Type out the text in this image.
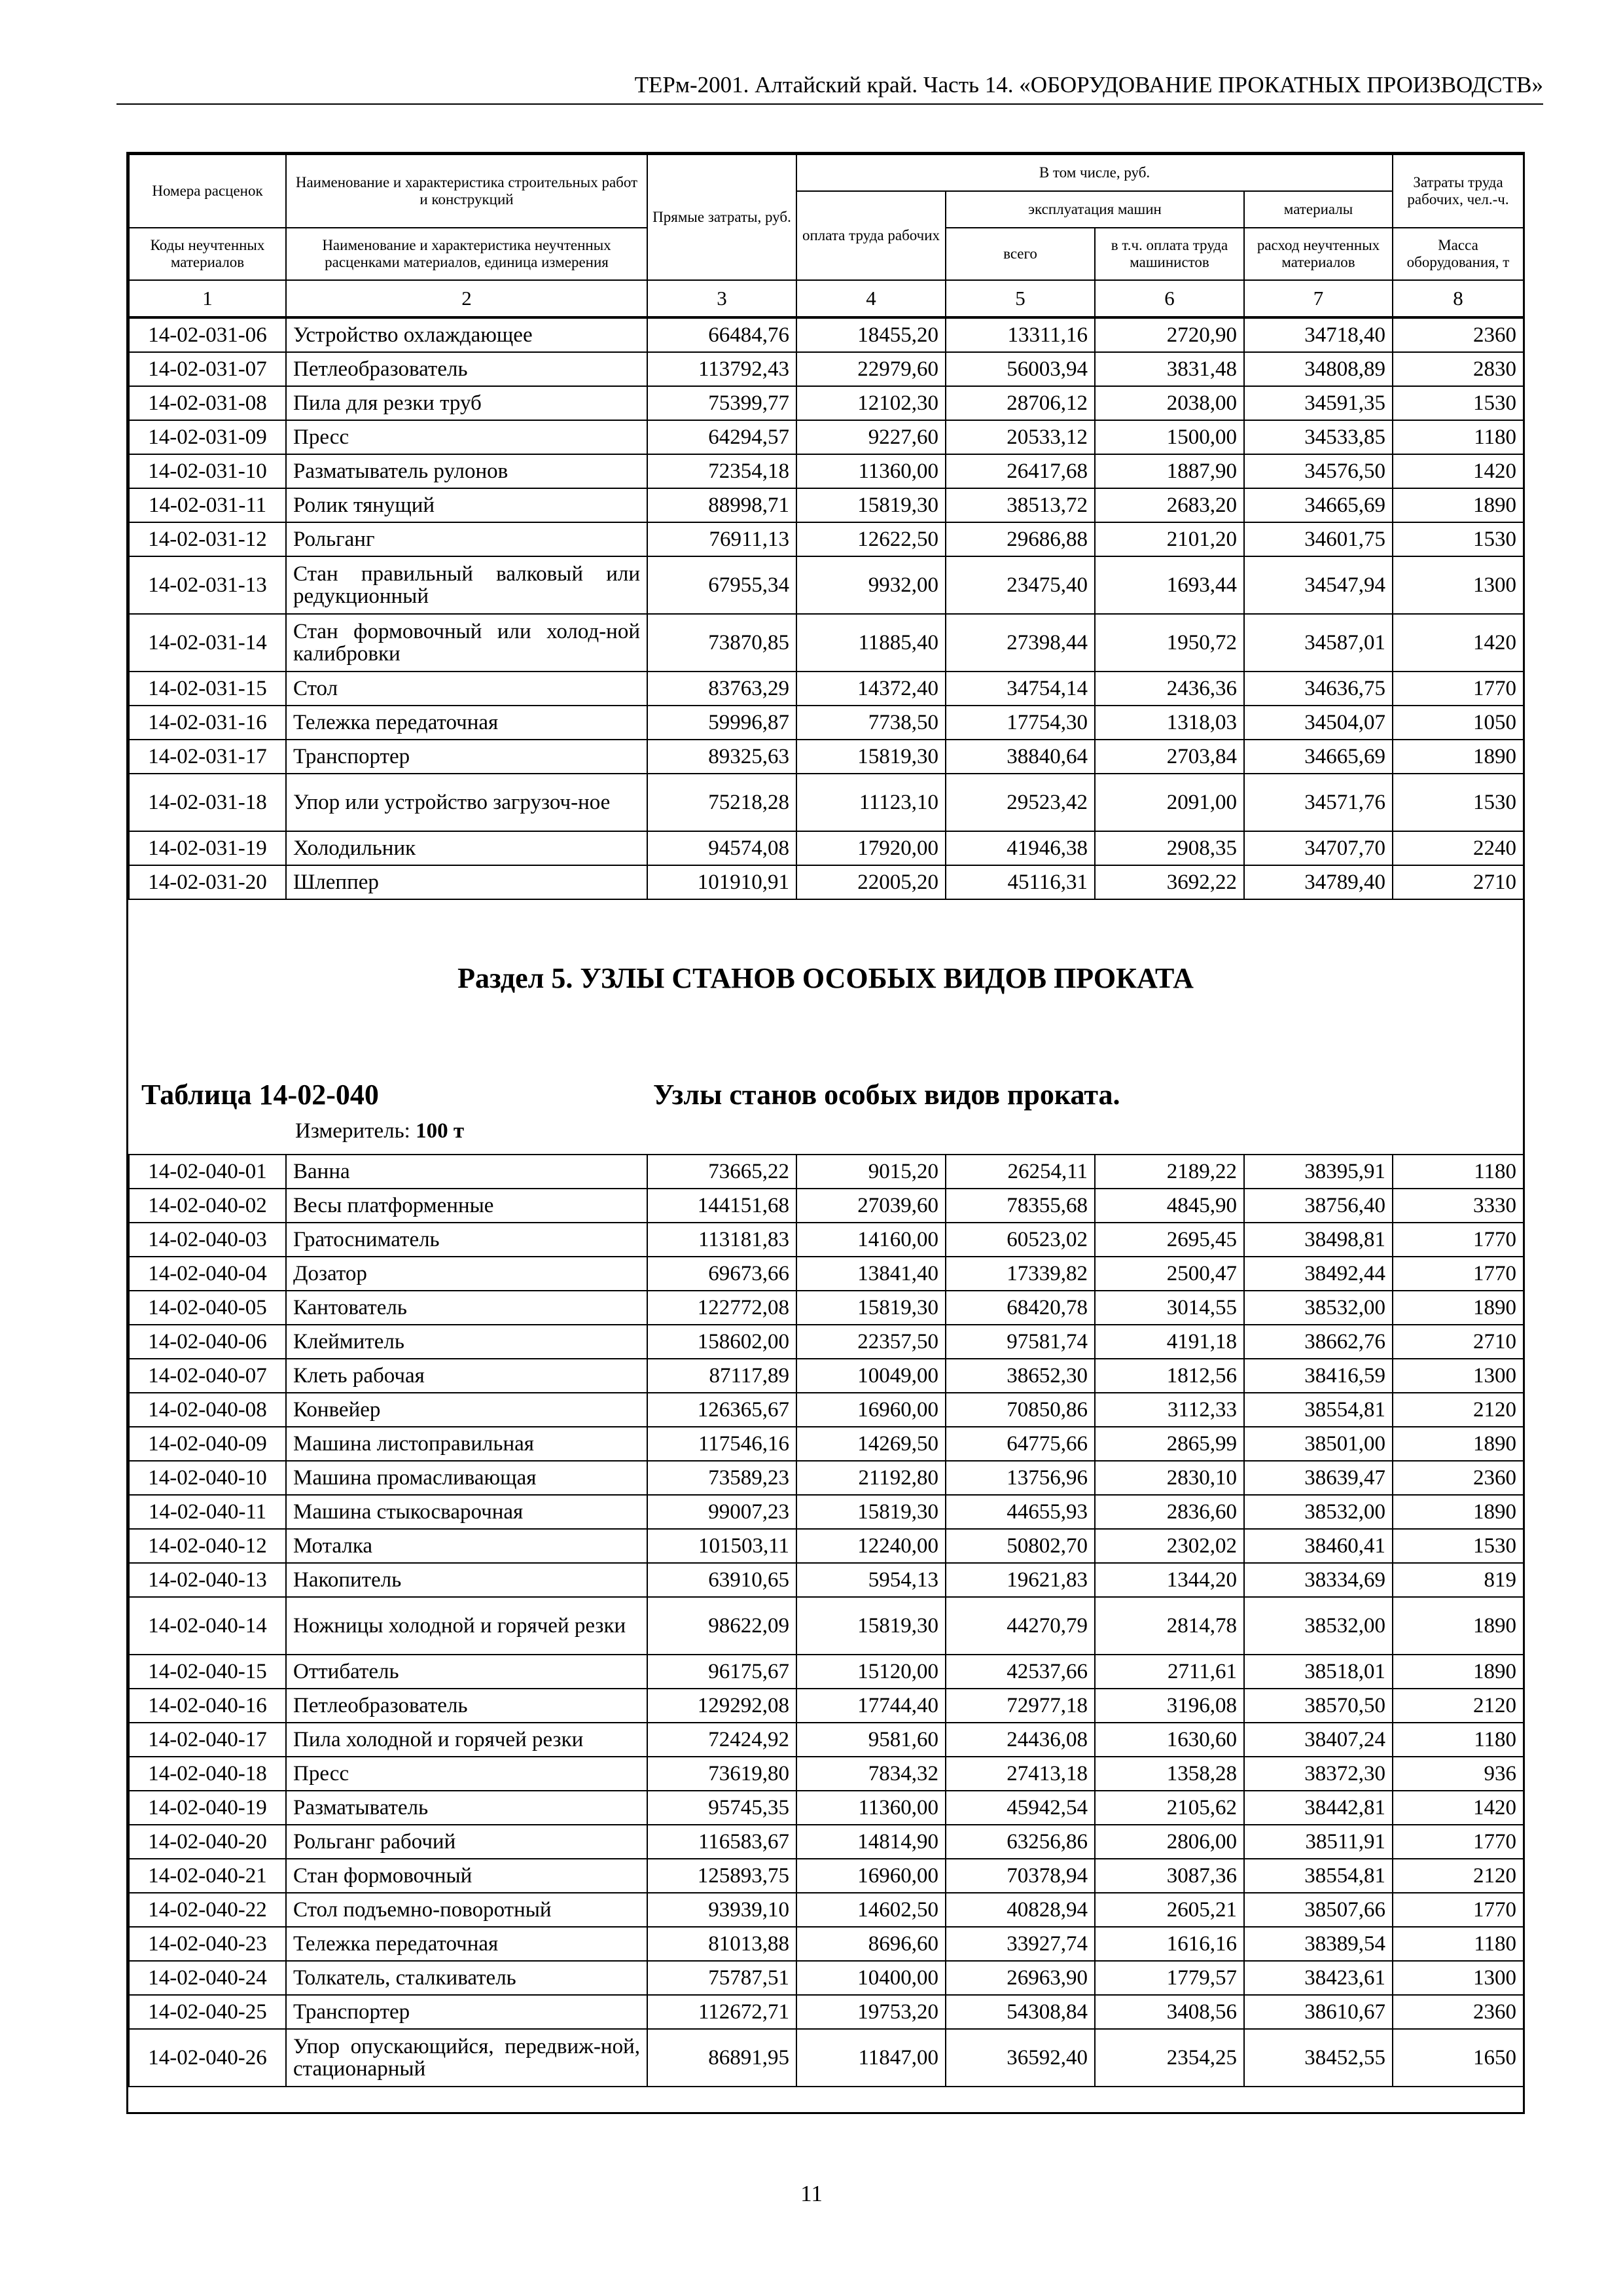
ТЕРм-2001. Алтайский край. Часть 14. «ОБОРУДОВАНИЕ ПРОКАТНЫХ ПРОИЗВОДСТВ»
Номера расценок	Наименование и характеристика строительных работ и конструкций	Прямые затраты, руб.	В том числе, руб.				Затраты труда рабочих, чел.-ч.
			оплата труда рабочих	эксплуатация машин		материалы	
Коды неучтенных материалов	Наименование и характеристика неучтенных расценками материалов, единица измерения			всего	в т.ч. оплата труда машинистов	расход неучтенных материалов	Масса оборудования, т
1	2	3	4	5	6	7	8
14-02-031-06	Устройство охлаждающее	66484,76	18455,20	13311,16	2720,90	34718,40	2360
14-02-031-07	Петлеобразователь	113792,43	22979,60	56003,94	3831,48	34808,89	2830
14-02-031-08	Пила для резки труб	75399,77	12102,30	28706,12	2038,00	34591,35	1530
14-02-031-09	Пресс	64294,57	9227,60	20533,12	1500,00	34533,85	1180
14-02-031-10	Разматыватель рулонов	72354,18	11360,00	26417,68	1887,90	34576,50	1420
14-02-031-11	Ролик тянущий	88998,71	15819,30	38513,72	2683,20	34665,69	1890
14-02-031-12	Рольганг	76911,13	12622,50	29686,88	2101,20	34601,75	1530
14-02-031-13	Стан правильный валковый или редукционный	67955,34	9932,00	23475,40	1693,44	34547,94	1300
14-02-031-14	Стан формовочный или холод-ной калибровки	73870,85	11885,40	27398,44	1950,72	34587,01	1420
14-02-031-15	Стол	83763,29	14372,40	34754,14	2436,36	34636,75	1770
14-02-031-16	Тележка передаточная	59996,87	7738,50	17754,30	1318,03	34504,07	1050
14-02-031-17	Транспортер	89325,63	15819,30	38840,64	2703,84	34665,69	1890
14-02-031-18	Упор или устройство загрузоч-ное	75218,28	11123,10	29523,42	2091,00	34571,76	1530
14-02-031-19	Холодильник	94574,08	17920,00	41946,38	2908,35	34707,70	2240
14-02-031-20	Шлеппер	101910,91	22005,20	45116,31	3692,22	34789,40	2710
Раздел 5. УЗЛЫ СТАНОВ ОСОБЫХ ВИДОВ ПРОКАТА
Таблица 14-02-040	Узлы станов особых видов проката.
Измеритель: 100 т
14-02-040-01	Ванна	73665,22	9015,20	26254,11	2189,22	38395,91	1180
14-02-040-02	Весы платформенные	144151,68	27039,60	78355,68	4845,90	38756,40	3330
14-02-040-03	Гратосниматель	113181,83	14160,00	60523,02	2695,45	38498,81	1770
14-02-040-04	Дозатор	69673,66	13841,40	17339,82	2500,47	38492,44	1770
14-02-040-05	Кантователь	122772,08	15819,30	68420,78	3014,55	38532,00	1890
14-02-040-06	Клеймитель	158602,00	22357,50	97581,74	4191,18	38662,76	2710
14-02-040-07	Клеть рабочая	87117,89	10049,00	38652,30	1812,56	38416,59	1300
14-02-040-08	Конвейер	126365,67	16960,00	70850,86	3112,33	38554,81	2120
14-02-040-09	Машина листоправильная	117546,16	14269,50	64775,66	2865,99	38501,00	1890
14-02-040-10	Машина промасливающая	73589,23	21192,80	13756,96	2830,10	38639,47	2360
14-02-040-11	Машина стыкосварочная	99007,23	15819,30	44655,93	2836,60	38532,00	1890
14-02-040-12	Моталка	101503,11	12240,00	50802,70	2302,02	38460,41	1530
14-02-040-13	Накопитель	63910,65	5954,13	19621,83	1344,20	38334,69	819
14-02-040-14	Ножницы холодной и горячей резки	98622,09	15819,30	44270,79	2814,78	38532,00	1890
14-02-040-15	Оттибатель	96175,67	15120,00	42537,66	2711,61	38518,01	1890
14-02-040-16	Петлеобразователь	129292,08	17744,40	72977,18	3196,08	38570,50	2120
14-02-040-17	Пила холодной и горячей резки	72424,92	9581,60	24436,08	1630,60	38407,24	1180
14-02-040-18	Пресс	73619,80	7834,32	27413,18	1358,28	38372,30	936
14-02-040-19	Разматыватель	95745,35	11360,00	45942,54	2105,62	38442,81	1420
14-02-040-20	Рольганг рабочий	116583,67	14814,90	63256,86	2806,00	38511,91	1770
14-02-040-21	Стан формовочный	125893,75	16960,00	70378,94	3087,36	38554,81	2120
14-02-040-22	Стол подъемно-поворотный	93939,10	14602,50	40828,94	2605,21	38507,66	1770
14-02-040-23	Тележка передаточная	81013,88	8696,60	33927,74	1616,16	38389,54	1180
14-02-040-24	Толкатель, сталкиватель	75787,51	10400,00	26963,90	1779,57	38423,61	1300
14-02-040-25	Транспортер	112672,71	19753,20	54308,84	3408,56	38610,67	2360
14-02-040-26	Упор опускающийся, передвиж-ной, стационарный	86891,95	11847,00	36592,40	2354,25	38452,55	1650
11
